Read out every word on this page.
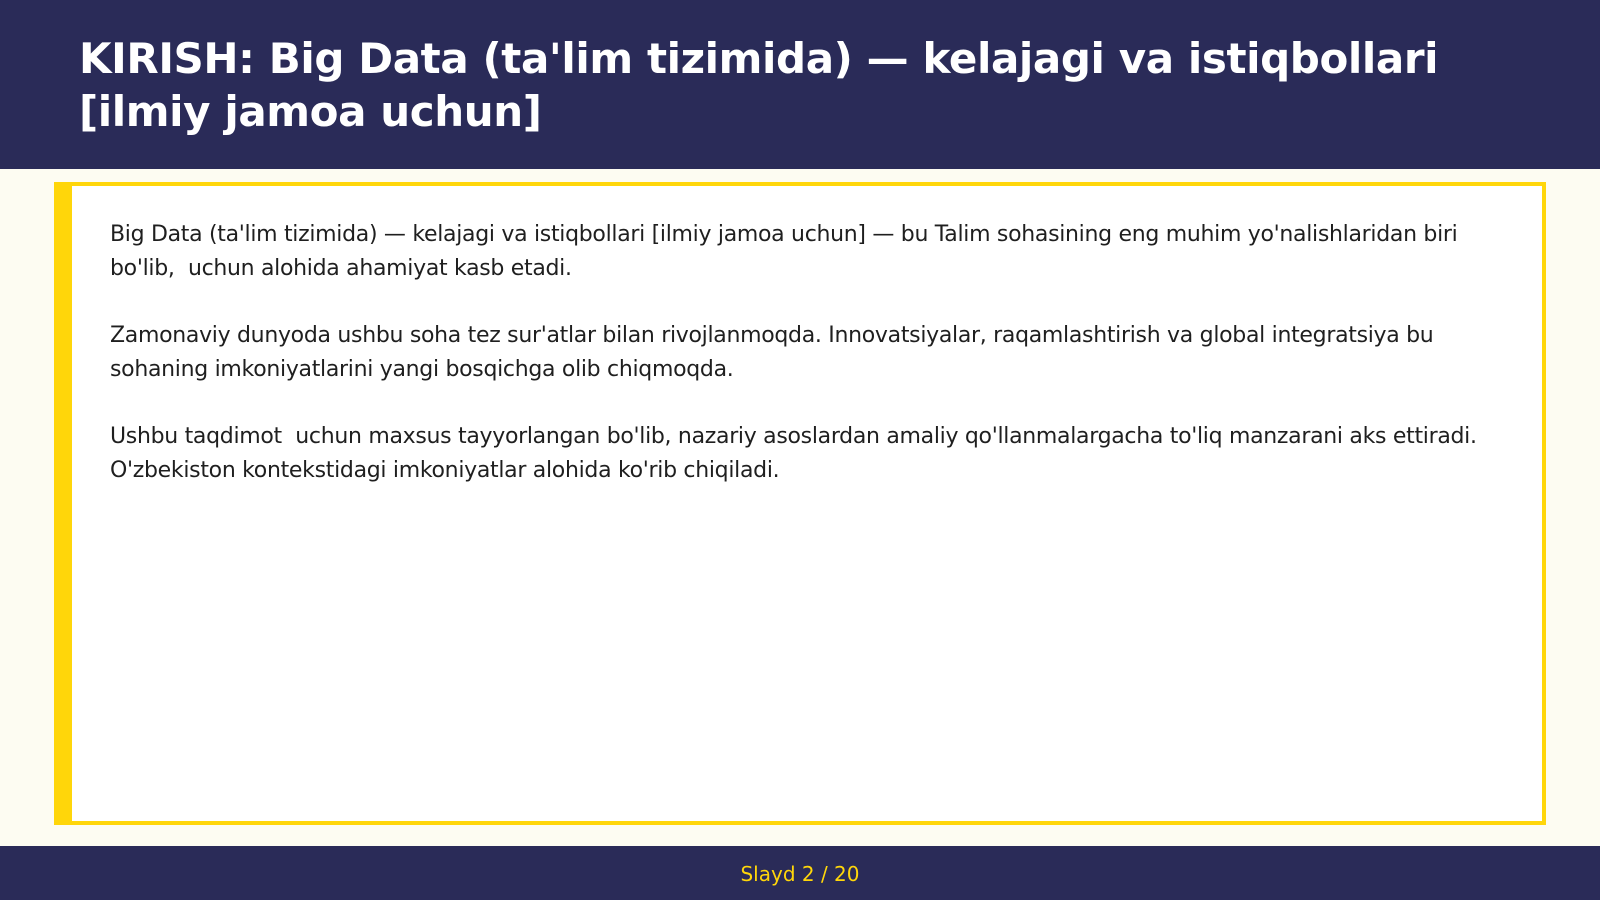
KIRISH: Big Data (ta'lim tizimida) — kelajagi va istiqbollari [ilmiy jamoa uchun]

Big Data (ta'lim tizimida) — kelajagi va istiqbollari [ilmiy jamoa uchun] — bu Talim sohasining eng muhim yo'nalishlaridan biri bo'lib,  uchun alohida ahamiyat kasb etadi.

Zamonaviy dunyoda ushbu soha tez sur'atlar bilan rivojlanmoqda. Innovatsiyalar, raqamlashtirish va global integratsiya bu sohaning imkoniyatlarini yangi bosqichga olib chiqmoqda.

Ushbu taqdimot  uchun maxsus tayyorlangan bo'lib, nazariy asoslardan amaliy qo'llanmalargacha to'liq manzarani aks ettiradi. O'zbekiston kontekstidagi imkoniyatlar alohida ko'rib chiqiladi.

Slayd 2 / 20
